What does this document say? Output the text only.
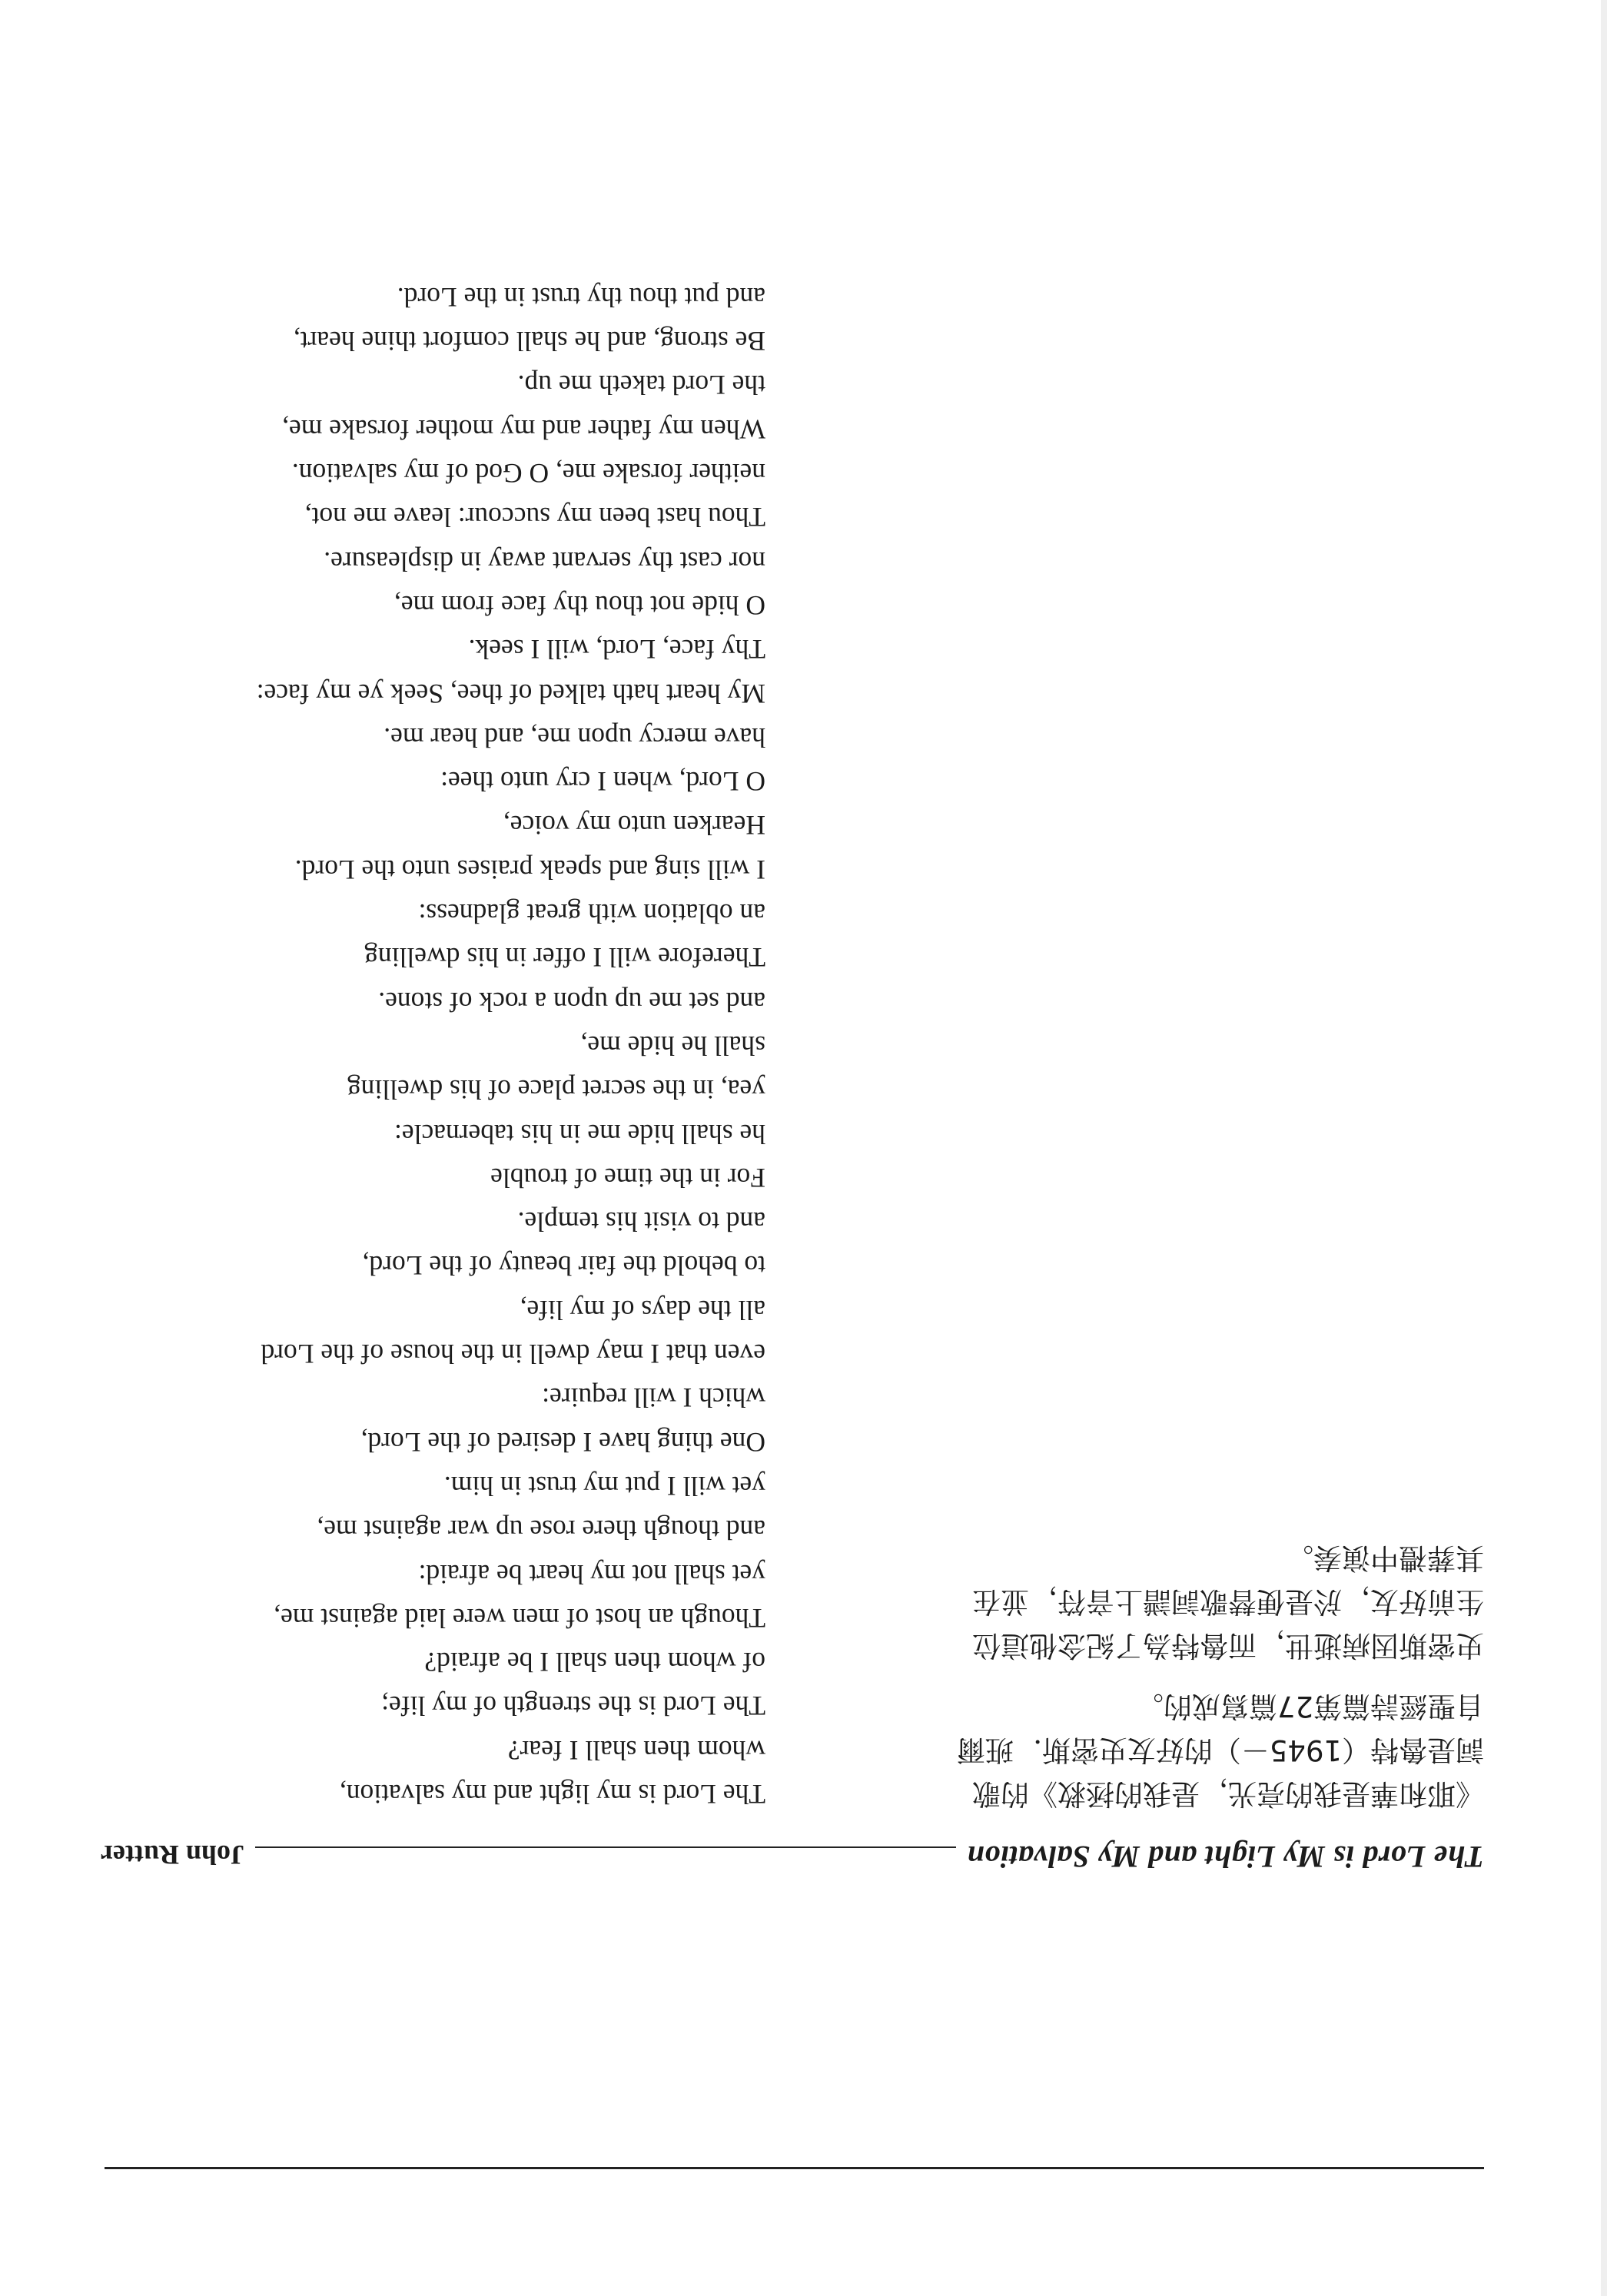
The Lord is My Light and My Salvation
John Rutter

《耶和華是我的亮光，是我的拯救》的歌

詞是魯特（1945－）的好友史密斯．班爾

自聖經詩篇第27篇寫成的。

史密斯因病逝世，而魯特為了紀念他這位

生前好友，於是便替歌詞譜上音符，並在

其葬禮中演奏。

The Lord is my light and my salvation,

whom then shall I fear?

The Lord is the strength of my life;

of whom then shall I be afraid?

Though an host of men were laid against me,

yet shall not my heart be afraid:

and though there rose up war against me,

yet will I put my trust in him.

One thing have I desired of the Lord,

which I will require:

even that I may dwell in the house of the Lord

all the days of my life,

to behold the fair beauty of the Lord,

and to visit his temple.

For in the time of trouble

he shall hide me in his tabernacle:

yea, in the secret place of his dwelling

shall he hide me,

and set me up upon a rock of stone.

Therefore will I offer in his dwelling

an oblation with great gladness:

I will sing and speak praises unto the Lord.

Hearken unto my voice,

O Lord, when I cry unto thee:

have mercy upon me, and hear me.

My heart hath talked of thee, Seek ye my face:

Thy face, Lord, will I seek.

O hide not thou thy face from me,

nor cast thy servant away in displeasure.

Thou hast been my succour: leave me not,

neither forsake me, O God of my salvation.

When my father and my mother forsake me,

the Lord taketh me up.

Be strong, and he shall comfort thine heart,

and put thou thy trust in the Lord.
